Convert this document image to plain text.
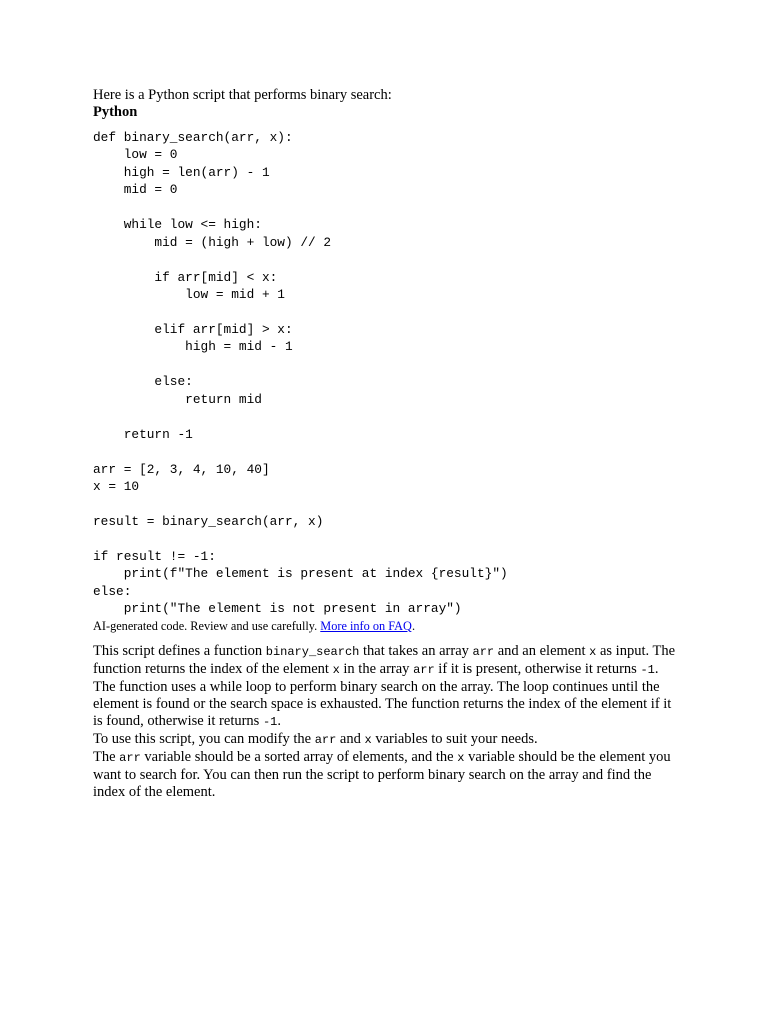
Here is a Python script that performs binary search:

Python

def binary_search(arr, x):
low = 0
high = len(arr) - 1
mid = 0

while low <= high:
mid = (high + low) // 2

if arr[mid] < x:
low = mid + 1

elif arr[mid] > x:
high = mid - 1

else:
return mid

return -1

arr = [2, 3, 4, 10, 40]
x = 10

result = binary_search(arr, x)

if result != -1:
print(f"The element is present at index {result}")
else:
print("The element is not present in array")

AI-generated code. Review and use carefully. More info on FAQ.

This script defines a function binary_search that takes an array arr and an element x as input. The function returns the index of the element x in the array arr if it is present, otherwise it returns -1. The function uses a while loop to perform binary search on the array. The loop continues until the element is found or the search space is exhausted. The function returns the index of the element if it is found, otherwise it returns -1.

To use this script, you can modify the arr and x variables to suit your needs.

The arr variable should be a sorted array of elements, and the x variable should be the element you want to search for. You can then run the script to perform binary search on the array and find the index of the element.
